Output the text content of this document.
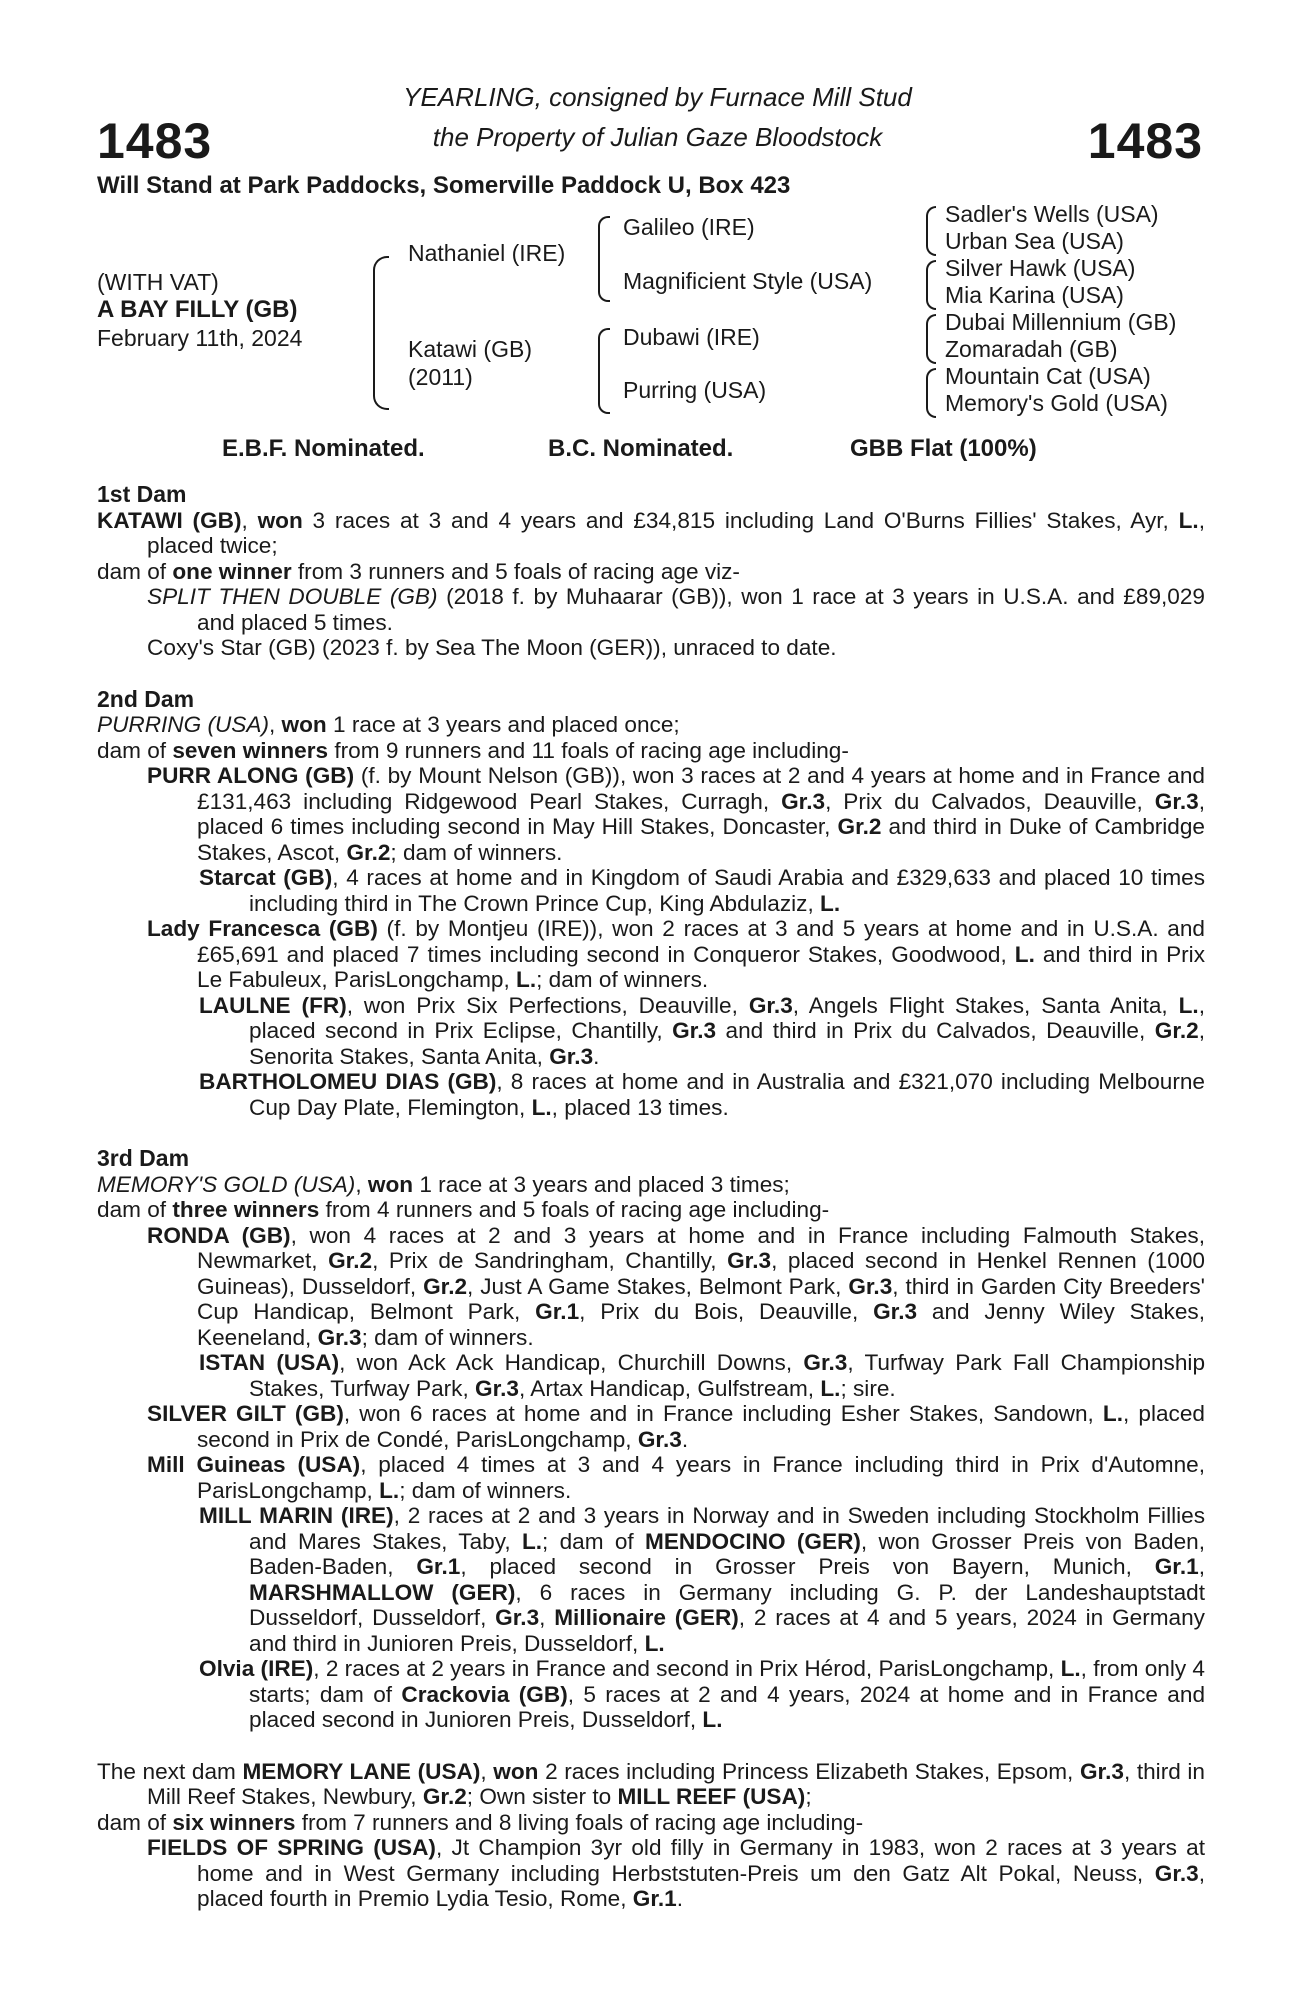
1483	1483
YEARLING, consigned by Furnace Mill Stud
the Property of Julian Gaze Bloodstock
Will Stand at Park Paddocks, Somerville Paddock U, Box 423
(WITH VAT)
A BAY FILLY (GB)
February 11th, 2024
Nathaniel (IRE)
Katawi (GB)
(2011)
Galileo (IRE)
Magnificient Style (USA)
Dubawi (IRE)
Purring (USA)
Sadler's Wells (USA)
Urban Sea (USA)
Silver Hawk (USA)
Mia Karina (USA)
Dubai Millennium (GB)
Zomaradah (GB)
Mountain Cat (USA)
Memory's Gold (USA)
E.B.F. Nominated.	B.C. Nominated.	GBB Flat (100%)
1st Dam

KATAWI (GB), won 3 races at 3 and 4 years and £34,815 including Land O'Burns Fillies' Stakes, Ayr, L., placed twice;

dam of one winner from 3 runners and 5 foals of racing age viz-

SPLIT THEN DOUBLE (GB) (2018 f. by Muhaarar (GB)), won 1 race at 3 years in U.S.A. and £89,029 and placed 5 times.

Coxy's Star (GB) (2023 f. by Sea The Moon (GER)), unraced to date.

2nd Dam

PURRING (USA), won 1 race at 3 years and placed once;

dam of seven winners from 9 runners and 11 foals of racing age including-

PURR ALONG (GB) (f. by Mount Nelson (GB)), won 3 races at 2 and 4 years at home and in France and £131,463 including Ridgewood Pearl Stakes, Curragh, Gr.3, Prix du Calvados, Deauville, Gr.3, placed 6 times including second in May Hill Stakes, Doncaster, Gr.2 and third in Duke of Cambridge Stakes, Ascot, Gr.2; dam of winners.

Starcat (GB), 4 races at home and in Kingdom of Saudi Arabia and £329,633 and placed 10 times including third in The Crown Prince Cup, King Abdulaziz, L.

Lady Francesca (GB) (f. by Montjeu (IRE)), won 2 races at 3 and 5 years at home and in U.S.A. and £65,691 and placed 7 times including second in Conqueror Stakes, Goodwood, L. and third in Prix Le Fabuleux, ParisLongchamp, L.; dam of winners.

LAULNE (FR), won Prix Six Perfections, Deauville, Gr.3, Angels Flight Stakes, Santa Anita, L., placed second in Prix Eclipse, Chantilly, Gr.3 and third in Prix du Calvados, Deauville, Gr.2, Senorita Stakes, Santa Anita, Gr.3.

BARTHOLOMEU DIAS (GB), 8 races at home and in Australia and £321,070 including Melbourne Cup Day Plate, Flemington, L., placed 13 times.

3rd Dam

MEMORY'S GOLD (USA), won 1 race at 3 years and placed 3 times;

dam of three winners from 4 runners and 5 foals of racing age including-

RONDA (GB), won 4 races at 2 and 3 years at home and in France including Falmouth Stakes, Newmarket, Gr.2, Prix de Sandringham, Chantilly, Gr.3, placed second in Henkel Rennen (1000 Guineas), Dusseldorf, Gr.2, Just A Game Stakes, Belmont Park, Gr.3, third in Garden City Breeders' Cup Handicap, Belmont Park, Gr.1, Prix du Bois, Deauville, Gr.3 and Jenny Wiley Stakes, Keeneland, Gr.3; dam of winners.

ISTAN (USA), won Ack Ack Handicap, Churchill Downs, Gr.3, Turfway Park Fall Championship Stakes, Turfway Park, Gr.3, Artax Handicap, Gulfstream, L.; sire.

SILVER GILT (GB), won 6 races at home and in France including Esher Stakes, Sandown, L., placed second in Prix de Condé, ParisLongchamp, Gr.3.

Mill Guineas (USA), placed 4 times at 3 and 4 years in France including third in Prix d'Automne, ParisLongchamp, L.; dam of winners.

MILL MARIN (IRE), 2 races at 2 and 3 years in Norway and in Sweden including Stockholm Fillies and Mares Stakes, Taby, L.; dam of MENDOCINO (GER), won Grosser Preis von Baden, Baden-Baden, Gr.1, placed second in Grosser Preis von Bayern, Munich, Gr.1, MARSHMALLOW (GER), 6 races in Germany including G. P. der Landeshauptstadt Dusseldorf, Dusseldorf, Gr.3, Millionaire (GER), 2 races at 4 and 5 years, 2024 in Germany and third in Junioren Preis, Dusseldorf, L.

Olvia (IRE), 2 races at 2 years in France and second in Prix Hérod, ParisLongchamp, L., from only 4 starts; dam of Crackovia (GB), 5 races at 2 and 4 years, 2024 at home and in France and placed second in Junioren Preis, Dusseldorf, L.

The next dam MEMORY LANE (USA), won 2 races including Princess Elizabeth Stakes, Epsom, Gr.3, third in Mill Reef Stakes, Newbury, Gr.2; Own sister to MILL REEF (USA);

dam of six winners from 7 runners and 8 living foals of racing age including-

FIELDS OF SPRING (USA), Jt Champion 3yr old filly in Germany in 1983, won 2 races at 3 years at home and in West Germany including Herbststuten-Preis um den Gatz Alt Pokal, Neuss, Gr.3, placed fourth in Premio Lydia Tesio, Rome, Gr.1.
